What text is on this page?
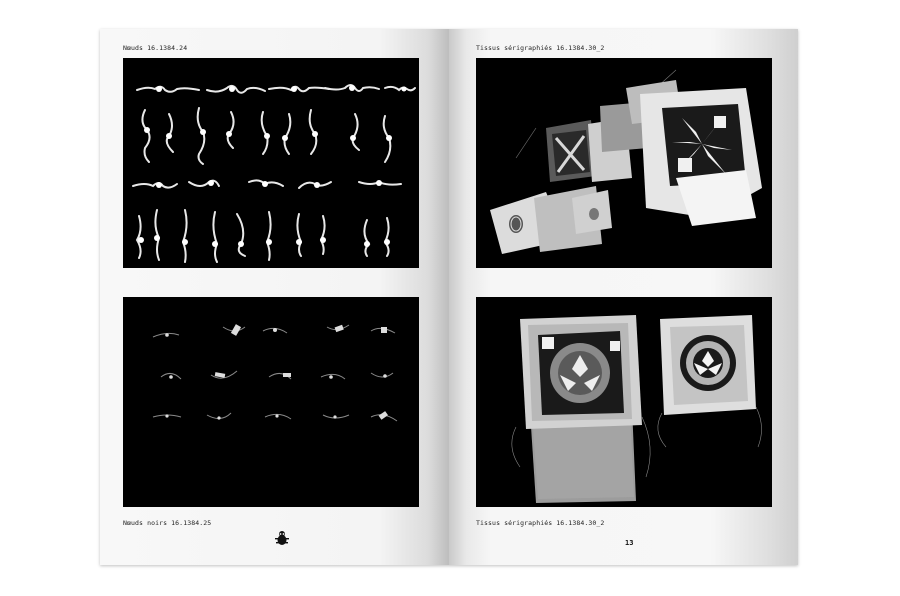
Nœuds 16.1384.24
Nœuds noirs 16.1384.25
Tissus sérigraphiés 16.1384.30_2
Tissus sérigraphiés 16.1384.30_2
13
